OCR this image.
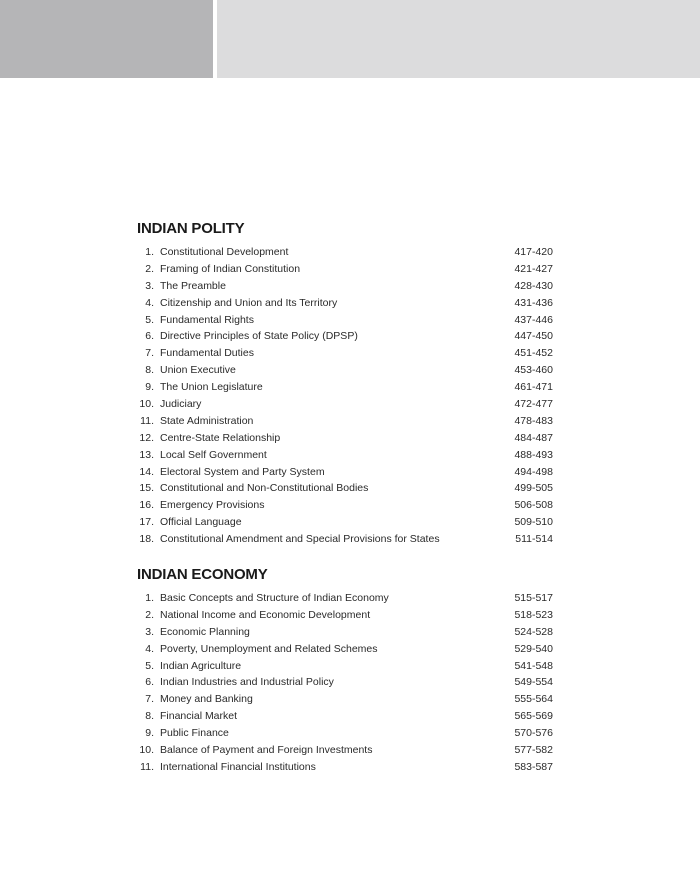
INDIAN POLITY
1. Constitutional Development	417-420
2. Framing of Indian Constitution	421-427
3. The Preamble	428-430
4. Citizenship and Union and Its Territory	431-436
5. Fundamental Rights	437-446
6. Directive Principles of State Policy (DPSP)	447-450
7. Fundamental Duties	451-452
8. Union Executive	453-460
9. The Union Legislature	461-471
10. Judiciary	472-477
11. State Administration	478-483
12. Centre-State Relationship	484-487
13. Local Self Government	488-493
14. Electoral System and Party System	494-498
15. Constitutional and Non-Constitutional Bodies	499-505
16. Emergency Provisions	506-508
17. Official Language	509-510
18. Constitutional Amendment and Special Provisions for States	511-514
INDIAN ECONOMY
1. Basic Concepts and Structure of Indian Economy	515-517
2. National Income and Economic Development	518-523
3. Economic Planning	524-528
4. Poverty, Unemployment and Related Schemes	529-540
5. Indian Agriculture	541-548
6. Indian Industries and Industrial Policy	549-554
7. Money and Banking	555-564
8. Financial Market	565-569
9. Public Finance	570-576
10. Balance of Payment and Foreign Investments	577-582
11. International Financial Institutions	583-587
